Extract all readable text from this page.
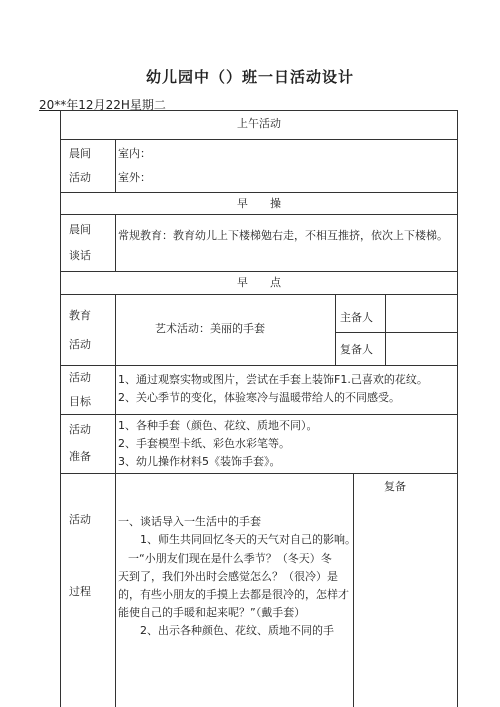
幼儿园中（）班一日活动设计
20**年12月22H星期二
上午活动
晨间
活动
室内：
室外：
早　　操
晨间
谈话
常规教育：教育幼儿上下楼梯勉右走，不相互推挤，依次上下楼梯。
早　　点
教育
活动
艺术活动：美丽的手套
主备人
复备人
活动
目标
1、通过观察实物或图片，尝试在手套上装饰F1.己喜欢的花纹。
2、关心季节的变化，体验寒冷与温暖带给人的不同感受。
活动
准备
1、各种手套（颜色、花纹、质地不同）。
2、手套模型卡纸、彩色水彩笔等。
3、幼儿操作材料5《装饰手套》。
活动
过程
复备
一、谈话导入一生活中的手套
1、师生共同回忆冬天的天气对自己的影响。
一“小朋友们现在是什么季节？（冬天）冬
天到了，我们外出时会感觉怎么？（很冷）是
的，有些小朋友的手摸上去都是很冷的，怎样才
能使自己的手暖和起来呢？”（戴手套）
2、出示各种颜色、花纹、质地不同的手
